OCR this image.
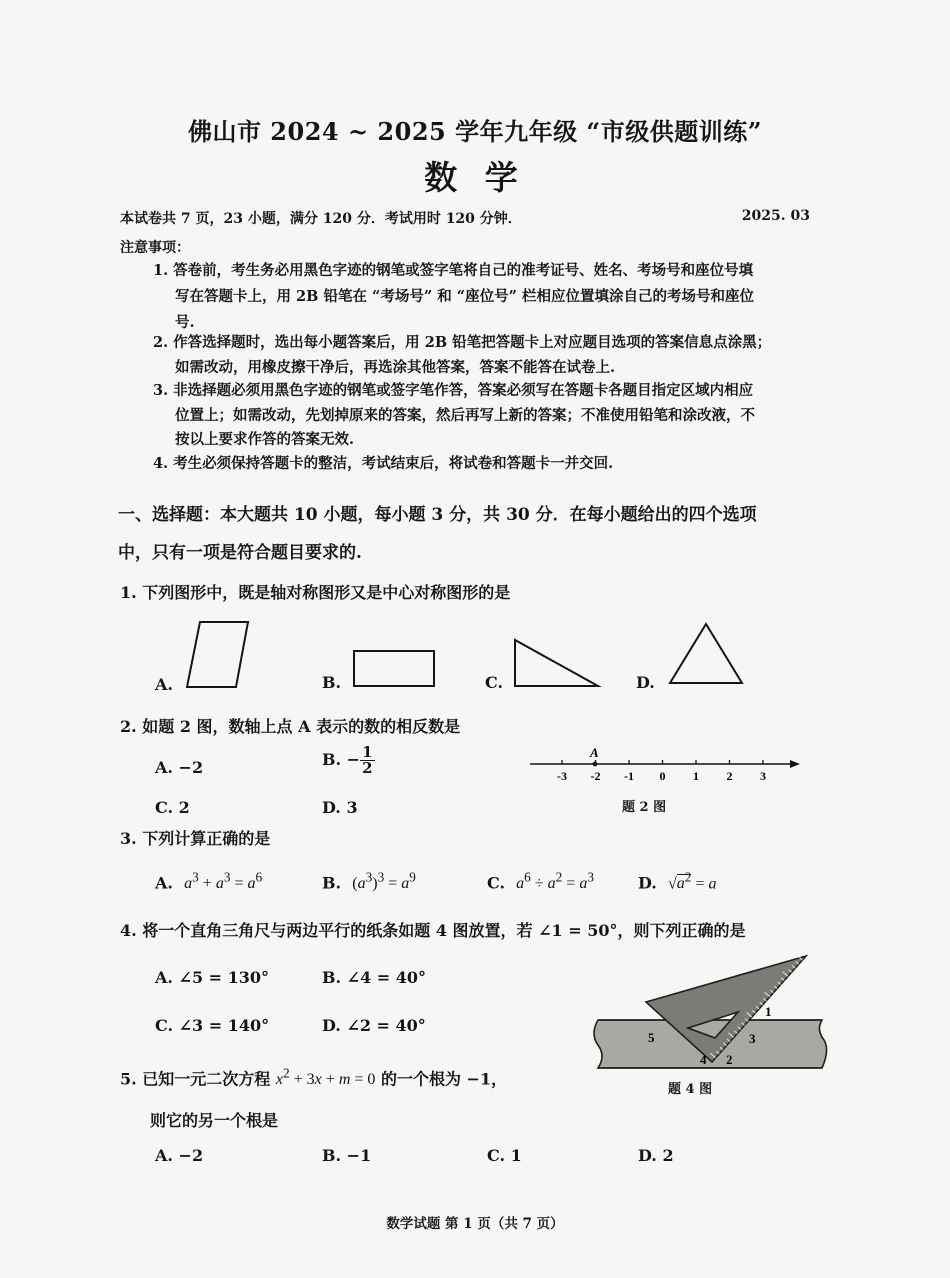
佛山市 2024 ~ 2025 学年九年级 “市级供题训练”
数 学
本试卷共 7 页，23 小题，满分 120 分．考试用时 120 分钟．	2025. 03
注意事项：
1. 答卷前，考生务必用黑色字迹的钢笔或签字笔将自己的准考证号、姓名、考场号和座位号填
写在答题卡上，用 2B 铅笔在 “考场号” 和 “座位号” 栏相应位置填涂自己的考场号和座位
号.
2. 作答选择题时，选出每小题答案后，用 2B 铅笔把答题卡上对应题目选项的答案信息点涂黑；
如需改动，用橡皮擦干净后，再选涂其他答案，答案不能答在试卷上.
3. 非选择题必须用黑色字迹的钢笔或签字笔作答，答案必须写在答题卡各题目指定区域内相应
位置上；如需改动，先划掉原来的答案，然后再写上新的答案；不准使用铅笔和涂改液，不
按以上要求作答的答案无效.
4. 考生必须保持答题卡的整洁，考试结束后，将试卷和答题卡一并交回.
一、选择题：本大题共 10 小题，每小题 3 分，共 30 分．在每小题给出的四个选项
中，只有一项是符合题目要求的.
1. 下列图形中，既是轴对称图形又是中心对称图形的是
A.	B.	C.	D.
2. 如题 2 图，数轴上点 A 表示的数的相反数是
A. −2	B. − $\frac{1}{2}$
C. 2	D. 3
-3 -2 -1 0 1 2 3
A
题 2 图
3. 下列计算正确的是
A. $a^3 + a^3 = a^6$	B. $(a^3)^3 = a^9$	C. $a^6 \div a^2 = a^3$	D. $√a^2 = a$
4. 将一个直角三角尺与两边平行的纸条如题 4 图放置，若 ∠1 = 50°，则下列正确的是
A. ∠5 = 130°	B. ∠4 = 40°
C. ∠3 = 140°	D. ∠2 = 40°
1
2
3
4
5
题 4 图
5. 已知一元二次方程 $x^2 + 3x + m = 0$ 的一个根为 −1，
则它的另一个根是
A. −2	B. −1	C. 1	D. 2
数学试题 第 1 页（共 7 页）
